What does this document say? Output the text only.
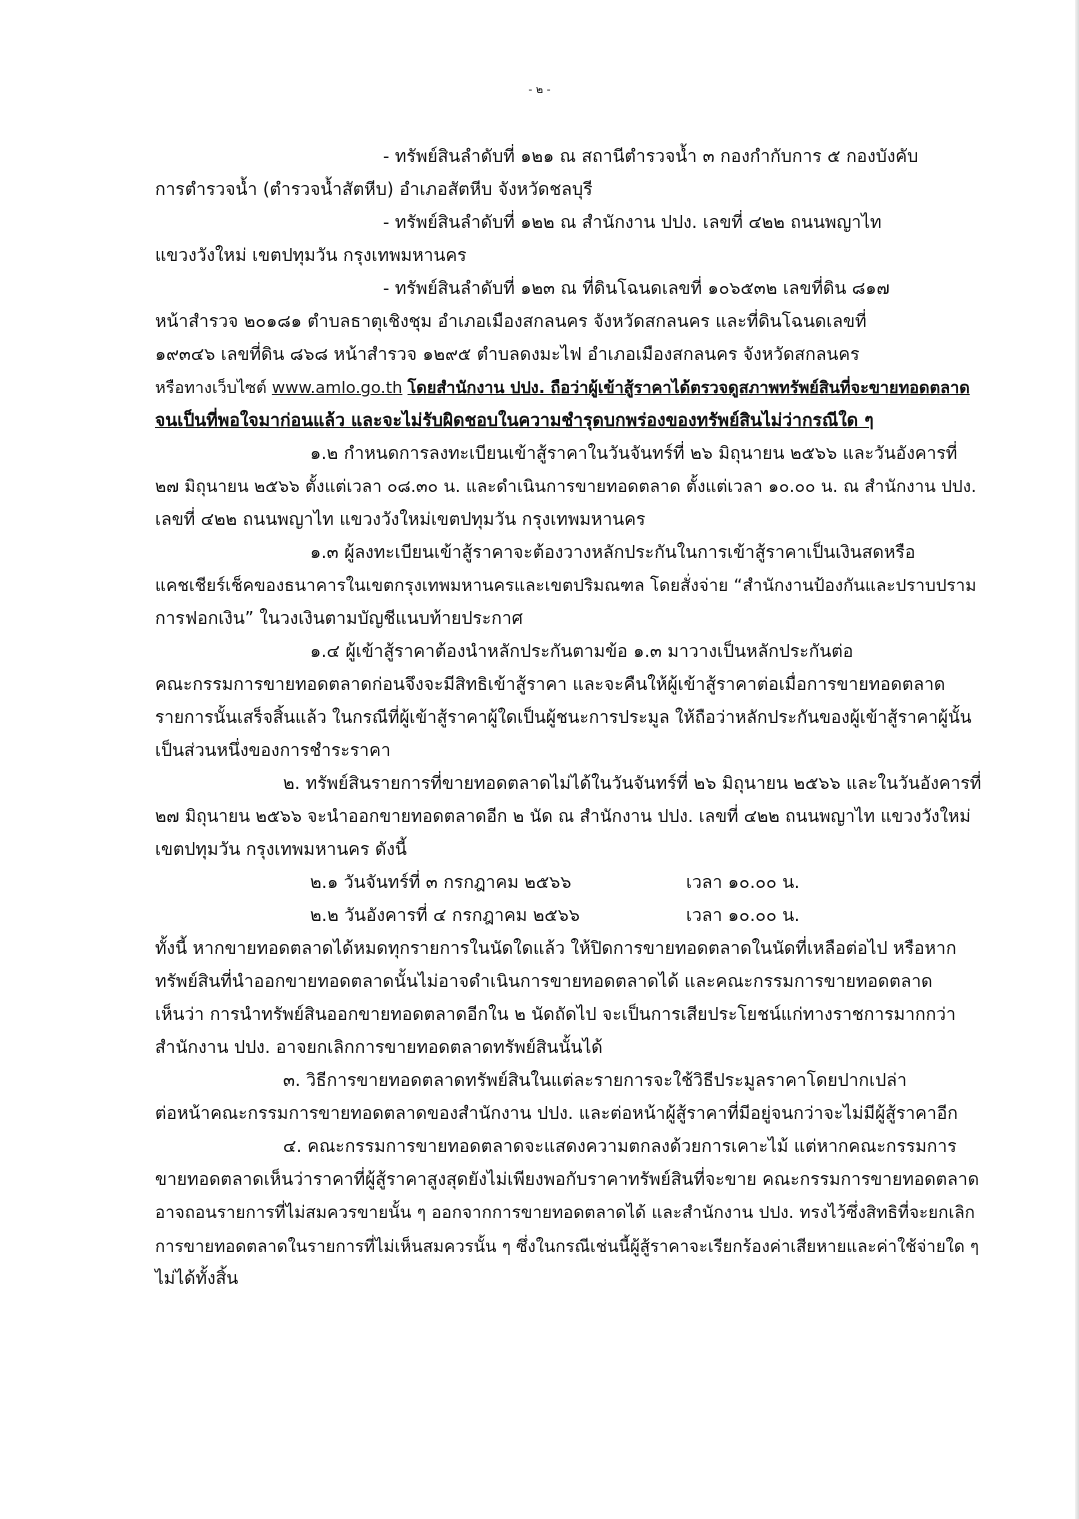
- ๒ -
- ทรัพย์สินลำดับที่ ๑๒๑ ณ สถานีตำรวจน้ำ ๓ กองกำกับการ ๕ กองบังคับ
การตำรวจน้ำ (ตำรวจน้ำสัตหีบ) อำเภอสัตหีบ จังหวัดชลบุรี
- ทรัพย์สินลำดับที่ ๑๒๒ ณ สำนักงาน ปปง. เลขที่ ๔๒๒ ถนนพญาไท
แขวงวังใหม่ เขตปทุมวัน กรุงเทพมหานคร
- ทรัพย์สินลำดับที่ ๑๒๓ ณ ที่ดินโฉนดเลขที่ ๑๐๖๕๓๒ เลขที่ดิน ๘๑๗
หน้าสำรวจ ๒๐๑๘๑ ตำบลธาตุเชิงชุม อำเภอเมืองสกลนคร จังหวัดสกลนคร และที่ดินโฉนดเลขที่
๑๙๓๔๖ เลขที่ดิน ๘๖๘ หน้าสำรวจ ๑๒๙๕ ตำบลดงมะไฟ อำเภอเมืองสกลนคร จังหวัดสกลนคร
หรือทางเว็บไซต์ www.amlo.go.th โดยสำนักงาน ปปง. ถือว่าผู้เข้าสู้ราคาได้ตรวจดูสภาพทรัพย์สินที่จะขายทอดตลาด
จนเป็นที่พอใจมาก่อนแล้ว และจะไม่รับผิดชอบในความชำรุดบกพร่องของทรัพย์สินไม่ว่ากรณีใด ๆ
๑.๒ กำหนดการลงทะเบียนเข้าสู้ราคาในวันจันทร์ที่ ๒๖ มิถุนายน ๒๕๖๖ และวันอังคารที่
๒๗ มิถุนายน ๒๕๖๖ ตั้งแต่เวลา ๐๘.๓๐ น. และดำเนินการขายทอดตลาด ตั้งแต่เวลา ๑๐.๐๐ น. ณ สำนักงาน ปปง.
เลขที่ ๔๒๒ ถนนพญาไท แขวงวังใหม่เขตปทุมวัน กรุงเทพมหานคร
๑.๓ ผู้ลงทะเบียนเข้าสู้ราคาจะต้องวางหลักประกันในการเข้าสู้ราคาเป็นเงินสดหรือ
แคชเชียร์เช็คของธนาคารในเขตกรุงเทพมหานครและเขตปริมณฑล โดยสั่งจ่าย “สำนักงานป้องกันและปราบปราม
การฟอกเงิน” ในวงเงินตามบัญชีแนบท้ายประกาศ
๑.๔ ผู้เข้าสู้ราคาต้องนำหลักประกันตามข้อ ๑.๓ มาวางเป็นหลักประกันต่อ
คณะกรรมการขายทอดตลาดก่อนจึงจะมีสิทธิเข้าสู้ราคา และจะคืนให้ผู้เข้าสู้ราคาต่อเมื่อการขายทอดตลาด
รายการนั้นเสร็จสิ้นแล้ว ในกรณีที่ผู้เข้าสู้ราคาผู้ใดเป็นผู้ชนะการประมูล ให้ถือว่าหลักประกันของผู้เข้าสู้ราคาผู้นั้น
เป็นส่วนหนึ่งของการชำระราคา
๒. ทรัพย์สินรายการที่ขายทอดตลาดไม่ได้ในวันจันทร์ที่ ๒๖ มิถุนายน ๒๕๖๖ และในวันอังคารที่
๒๗ มิถุนายน ๒๕๖๖ จะนำออกขายทอดตลาดอีก ๒ นัด ณ สำนักงาน ปปง. เลขที่ ๔๒๒ ถนนพญาไท แขวงวังใหม่
เขตปทุมวัน กรุงเทพมหานคร ดังนี้
๒.๑ วันจันทร์ที่ ๓ กรกฎาคม ๒๕๖๖	เวลา ๑๐.๐๐ น.
๒.๒ วันอังคารที่ ๔ กรกฎาคม ๒๕๖๖	เวลา ๑๐.๐๐ น.
ทั้งนี้ หากขายทอดตลาดได้หมดทุกรายการในนัดใดแล้ว ให้ปิดการขายทอดตลาดในนัดที่เหลือต่อไป หรือหาก
ทรัพย์สินที่นำออกขายทอดตลาดนั้นไม่อาจดำเนินการขายทอดตลาดได้ และคณะกรรมการขายทอดตลาด
เห็นว่า การนำทรัพย์สินออกขายทอดตลาดอีกใน ๒ นัดถัดไป จะเป็นการเสียประโยชน์แก่ทางราชการมากกว่า
สำนักงาน ปปง. อาจยกเลิกการขายทอดตลาดทรัพย์สินนั้นได้
๓. วิธีการขายทอดตลาดทรัพย์สินในแต่ละรายการจะใช้วิธีประมูลราคาโดยปากเปล่า
ต่อหน้าคณะกรรมการขายทอดตลาดของสำนักงาน ปปง. และต่อหน้าผู้สู้ราคาที่มีอยู่จนกว่าจะไม่มีผู้สู้ราคาอีก
๔. คณะกรรมการขายทอดตลาดจะแสดงความตกลงด้วยการเคาะไม้ แต่หากคณะกรรมการ
ขายทอดตลาดเห็นว่าราคาที่ผู้สู้ราคาสูงสุดยังไม่เพียงพอกับราคาทรัพย์สินที่จะขาย คณะกรรมการขายทอดตลาด
อาจถอนรายการที่ไม่สมควรขายนั้น ๆ ออกจากการขายทอดตลาดได้ และสำนักงาน ปปง. ทรงไว้ซึ่งสิทธิที่จะยกเลิก
การขายทอดตลาดในรายการที่ไม่เห็นสมควรนั้น ๆ ซึ่งในกรณีเช่นนี้ผู้สู้ราคาจะเรียกร้องค่าเสียหายและค่าใช้จ่ายใด ๆ
ไม่ได้ทั้งสิ้น
